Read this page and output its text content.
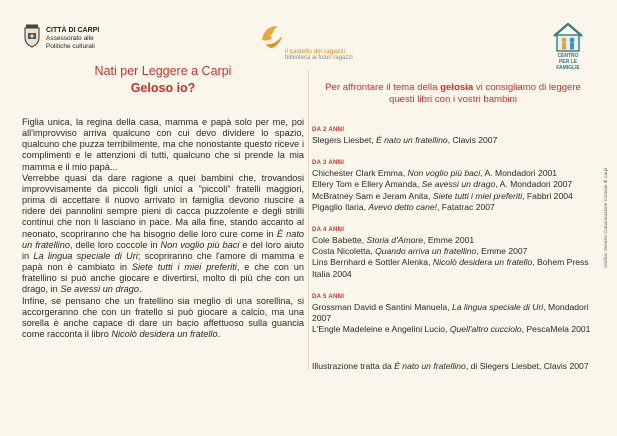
CITTÀ DI CARPI
Assessorato alle
Politiche culturali
il castello dei ragazzi
biblioteca ai futuri ragazzi	CENTRO
PER LE FAMIGLIE
Nati per Leggere a Carpi
Geloso io?

Figlia unica, la regina della casa, mamma e papà solo per me, poi all'improvviso arriva qualcuno con cui devo dividere lo spazio, qualcuno che puzza terribilmente, ma che nonostante questo riceve i complimenti e le attenzioni di tutti, qualcuno che si prende la mia mamma e il mio papà...

Verrebbe quasi da dare ragione a quei bambini che, trovandosi improvvisamente da piccoli figli unici a "piccoli" fratelli maggiori, prima di accettare il nuovo arrivato in famiglia devono riuscire a ridere dei pannolini sempre pieni di cacca puzzolente e degli strilli continui che non li lasciano in pace. Ma alla fine, stando accanto al neonato, scopriranno che ha bisogno delle loro cure come in È nato un fratellino, delle loro coccole in Non voglio più baci e del loro aiuto in La lingua speciale di Uri; scopriranno che l'amore di mamma e papà non è cambiato in Siete tutti i miei preferiti, e che con un fratellino si può anche giocare e divertirsi, molto di più che con un drago, in Se avessi un drago.

Infine, se pensano che un fratellino sia meglio di una sorellina, si accorgeranno che con un fratello si può giocare a calcio, ma una sorella è anche capace di dare un bacio affettuoso sulla guancia come racconta il libro Nicolò desidera un fratello.

Per affrontare il tema della gelosia vi consigliamo di leggere questi libri con i vostri bambini

DA 2 ANNI
Slegers Liesbet, È nato un fratellino, Clavis 2007
DA 3 ANNI
Chichester Clark Emma, Non voglio più baci, A. Mondadori 2001
Ellery Tom e Ellery Amanda, Se avessi un drago, A. Mondadori 2007
McBratney Sam e Jeram Anita, Siete tutti i miei preferiti, Fabbri 2004
Pigaglio Ilaria, Avevo detto cane!, Fatatrac 2007
DA 4 ANNI
Cole Babette, Storia d'Amore, Emme 2001
Costa Nicoletta, Quando arriva un fratellino, Emme 2007
Lins Bernhard e Sottler Alenka, Nicolò desidera un fratello, Bohem Press Italia 2004
DA 5 ANNI
Grossman David e Santini Manuela, La lingua speciale di Uri, Mondadori 2007
L'Engle Madeleine e Angelini Lucio, Quell'altro cucciolo, PescaMela 2001
Illustrazione tratta da È nato un fratellino, di Slegers Liesbet, Clavis 2007
Grafica: Servizio Comunicazione Comune di Carpi
